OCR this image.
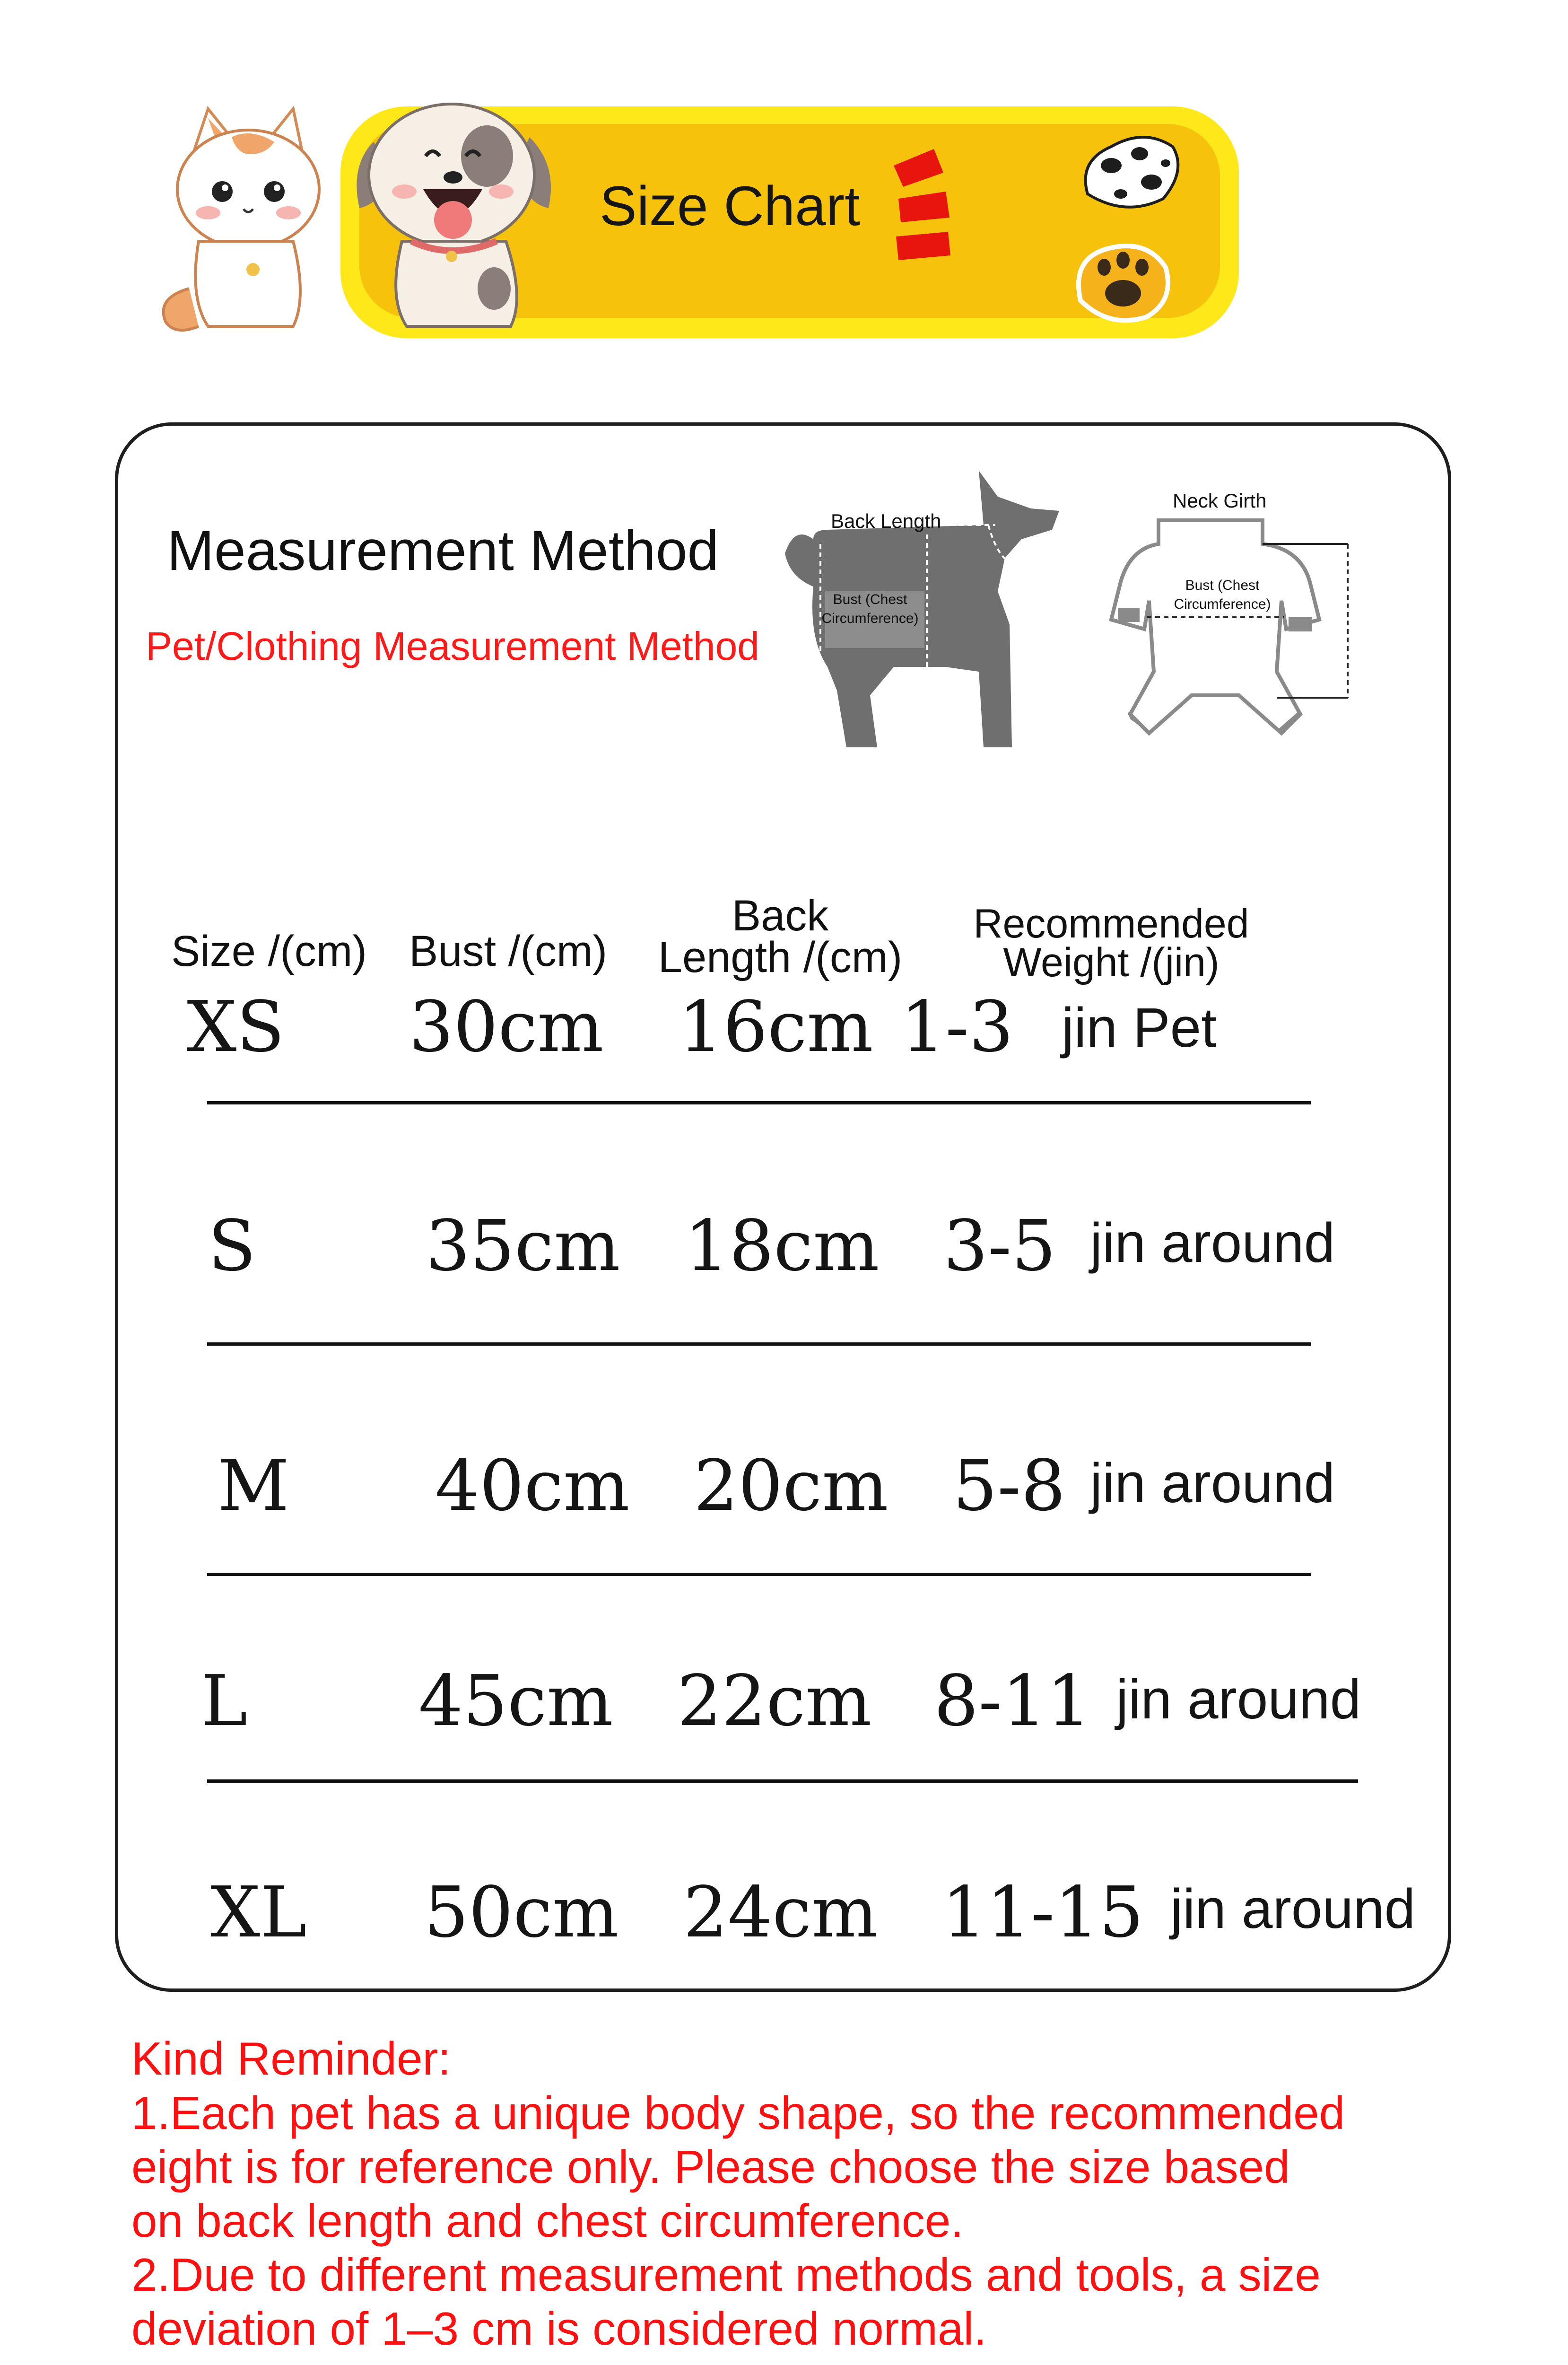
Size Chart
Measurement Method
Pet/Clothing Measurement Method
Back Length
Bust (Chest
Circumference)
Neck Girth
Bust (Chest
Circumference)
Size /(cm) Bust /(cm)
Back
Length /(cm)
Recommended
Weight /(jin)
XS 30cm 16cm 1-3 jin Pet
S 35cm 18cm 3-5 jin around
M 40cm 20cm 5-8 jin around
L 45cm 22cm 8-11 jin around
XL 50cm 24cm 11-15 jin around
Kind Reminder:
1.Each pet has a unique body shape, so the recommended
eight is for reference only. Please choose the size based
on back length and chest circumference.
2.Due to different measurement methods and tools, a size
deviation of 1–3 cm is considered normal.
